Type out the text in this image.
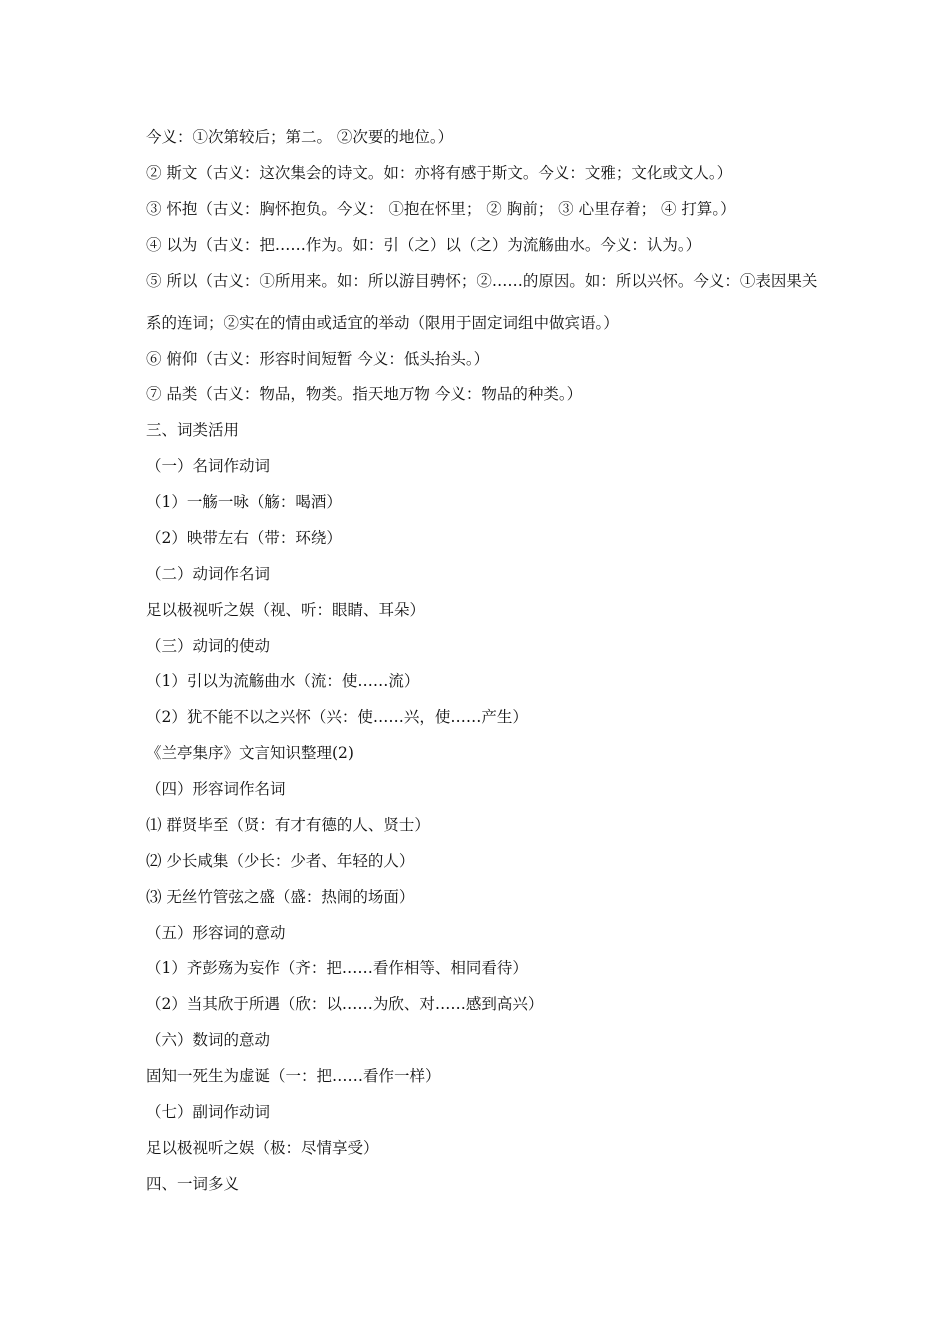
今义：①次第较后；第二。 ②次要的地位。）
② 斯文（古义：这次集会的诗文。如：亦将有感于斯文。今义：文雅；文化或文人。）
③ 怀抱（古义：胸怀抱负。今义： ①抱在怀里； ② 胸前； ③ 心里存着； ④ 打算。）
④ 以为（古义：把……作为。如：引（之）以（之）为流觞曲水。今义：认为。）
⑤ 所以（古义：①所用来。如：所以游目骋怀；②……的原因。如：所以兴怀。今义：①表因果关
系的连词；②实在的情由或适宜的举动（限用于固定词组中做宾语。）
⑥ 俯仰（古义：形容时间短暂 今义：低头抬头。）
⑦ 品类（古义：物品，物类。指天地万物 今义：物品的种类。）
三、词类活用
（一）名词作动词
（1）一觞一咏（觞：喝酒）
（2）映带左右（带：环绕）
（二）动词作名词
足以极视听之娱（视、听：眼睛、耳朵）
（三）动词的使动
（1）引以为流觞曲水（流：使……流）
（2）犹不能不以之兴怀（兴：使……兴，使……产生）
《兰亭集序》文言知识整理(2)
（四）形容词作名词
⑴ 群贤毕至（贤：有才有德的人、贤士）
⑵ 少长咸集（少长：少者、年轻的人）
⑶ 无丝竹管弦之盛（盛：热闹的场面）
（五）形容词的意动
（1）齐彭殇为妄作（齐：把……看作相等、相同看待）
（2）当其欣于所遇（欣：以……为欣、对……感到高兴）
（六）数词的意动
固知一死生为虚诞（一：把……看作一样）
（七）副词作动词
足以极视听之娱（极：尽情享受）
四、一词多义
